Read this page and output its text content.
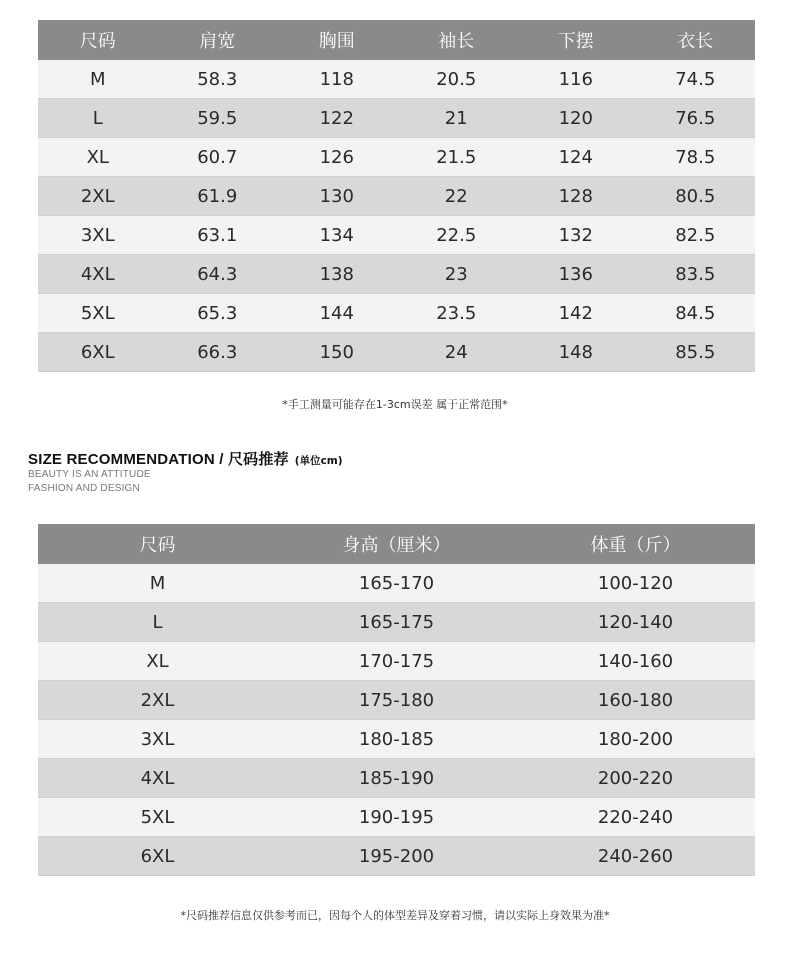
尺码	肩宽	胸围	袖长	下摆	衣长
M	58.3	118	20.5	116	74.5
L	59.5	122	21	120	76.5
XL	60.7	126	21.5	124	78.5
2XL	61.9	130	22	128	80.5
3XL	63.1	134	22.5	132	82.5
4XL	64.3	138	23	136	83.5
5XL	65.3	144	23.5	142	84.5
6XL	66.3	150	24	148	85.5
*手工测量可能存在1-3cm误差 属于正常范围*
SIZE RECOMMENDATION / 尺码推荐 (单位cm)
BEAUTY IS AN ATTITUDE
FASHION AND DESIGN
尺码	身高（厘米）	体重（斤）
M	165-170	100-120
L	165-175	120-140
XL	170-175	140-160
2XL	175-180	160-180
3XL	180-185	180-200
4XL	185-190	200-220
5XL	190-195	220-240
6XL	195-200	240-260
*尺码推荐信息仅供参考而已，因每个人的体型差异及穿着习惯，请以实际上身效果为准*
